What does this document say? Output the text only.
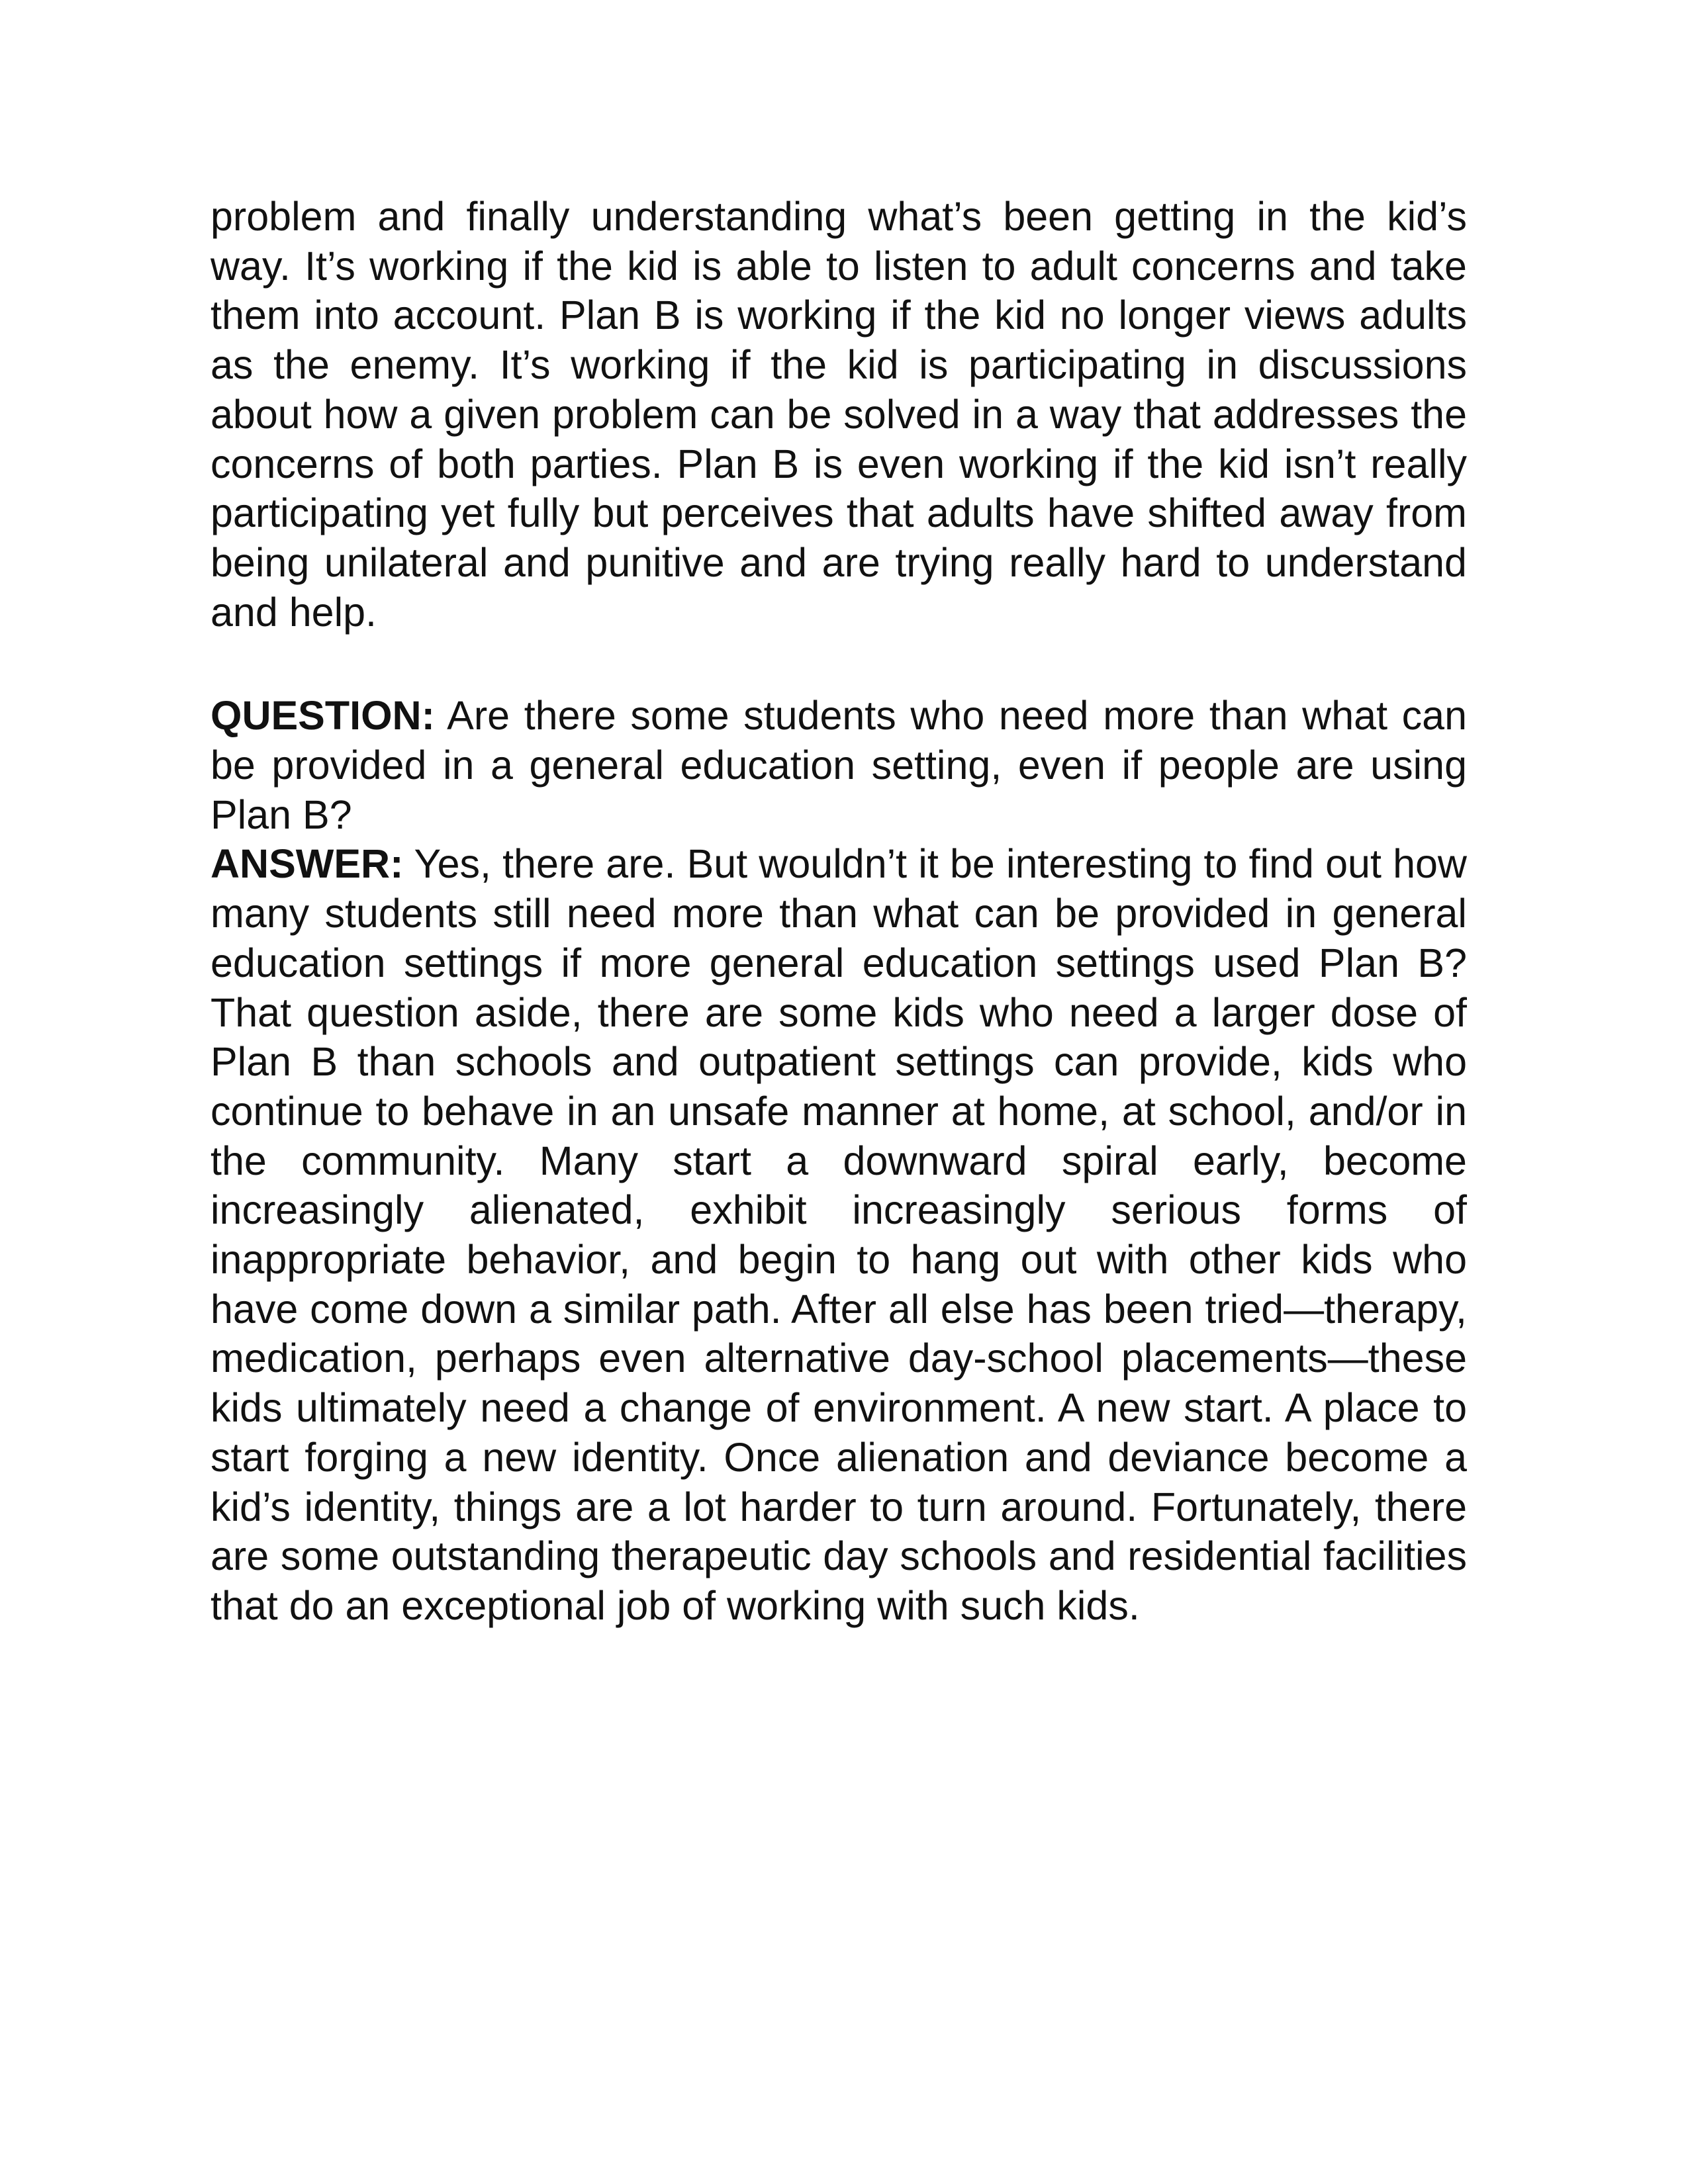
problem and finally understanding what’s been getting in the kid’s way. It’s working if the kid is able to listen to adult concerns and take them into account. Plan B is working if the kid no longer views adults as the enemy. It’s working if the kid is participating in discussions about how a given problem can be solved in a way that addresses the concerns of both parties. Plan B is even working if the kid isn’t really participating yet fully but perceives that adults have shifted away from being unilateral and punitive and are trying really hard to understand and help.

QUESTION: Are there some students who need more than what can be provided in a general education setting, even if people are using Plan B?

ANSWER: Yes, there are. But wouldn’t it be interesting to find out how many students still need more than what can be provided in general education settings if more general education settings used Plan B? That question aside, there are some kids who need a larger dose of Plan B than schools and outpatient settings can provide, kids who continue to behave in an unsafe manner at home, at school, and/or in the community. Many start a downward spiral early, become increasingly alienated, exhibit increasingly serious forms of inappropriate behavior, and begin to hang out with other kids who have come down a similar path. After all else has been tried—therapy, medication, perhaps even alternative day-school placements—these kids ultimately need a change of environment. A new start. A place to start forging a new identity. Once alienation and deviance become a kid’s identity, things are a lot harder to turn around. Fortunately, there are some outstanding therapeutic day schools and residential facilities that do an exceptional job of working with such kids.
